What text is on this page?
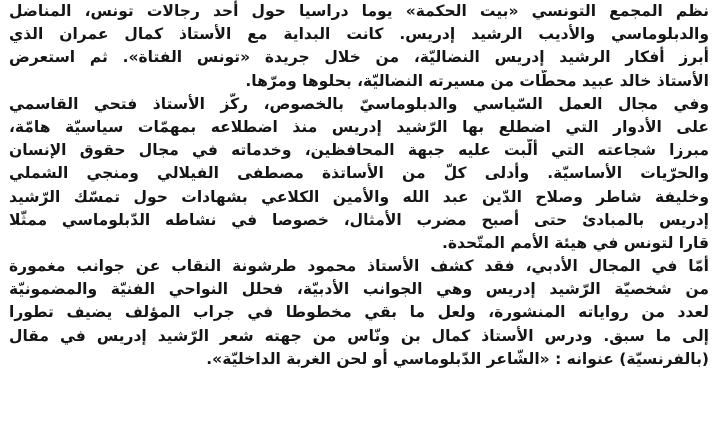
نظم المجمع التونسي «بيت الحكمة» يوما دراسيا حول أحد رجالات تونس، المناضل
والدبلوماسي والأديب الرشيد إدريس. كانت البداية مع الأستاذ كمال عمران الذي
أبرز أفكار الرشيد إدريس النضاليّة، من خلال جريدة «تونس الفتاة». ثم استعرض
الأستاذ خالد عبيد محطّات من مسيرته النضاليّة، بحلوها ومرّها.
وفي مجال العمل السّياسي والدبلوماسيّ بالخصوص، ركّز الأستاذ فتحي القاسمي
على الأدوار التي اضطلع بها الرّشيد إدريس منذ اضطلاعه بمهمّات سياسيّة هامّة،
مبرزا شجاعته التي ألّبت عليه جبهة المحافظين، وخدماته في مجال حقوق الإنسان
والحرّيات الأساسيّة. وأدلى كلّ من الأساتذة مصطفى الفيلالي ومنجي الشملي
وخليفة شاطر وصلاح الدّين عبد الله والأمين الكلاعي بشهادات حول تمسّك الرّشيد
إدريس بالمبادئ حتى أصبح مضرب الأمثال، خصوصا في نشاطه الدّبلوماسي ممثّلا
قارا لتونس في هيئة الأمم المتّحدة.
أمّا في المجال الأدبي، فقد كشف الأستاذ محمود طرشونة النقاب عن جوانب مغمورة
من شخصيّة الرّشيد إدريس وهي الجوانب الأدبيّة، فحلل النواحي الفنيّة والمضمونيّة
لعدد من رواياته المنشورة، ولعل ما بقي مخطوطا في جراب المؤلف يضيف تطورا
إلى ما سبق. ودرس الأستاذ كمال بن ونّاس من جهته شعر الرّشيد إدريس في مقال
(بالفرنسيّة) عنوانه : «الشّاعر الدّبلوماسي أو لحن الغربة الداخليّة».
